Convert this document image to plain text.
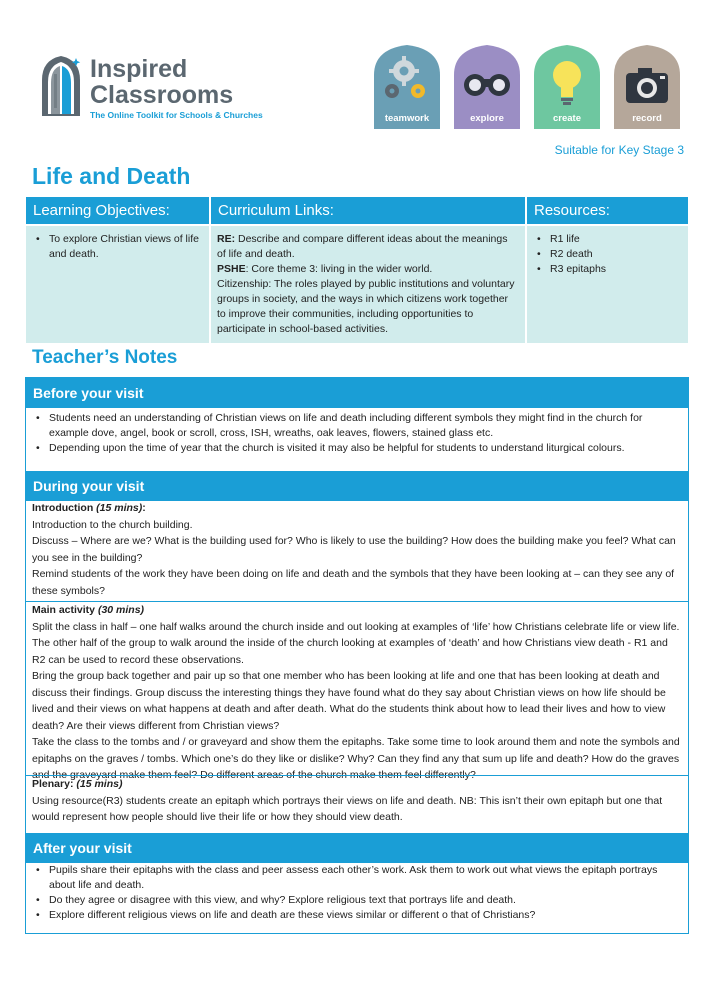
Inspired
Classrooms
The Online Toolkit for Schools & Churches	teamwork	explore	create	record
Suitable for Key Stage 3
Life and Death
Learning Objectives:
• To explore Christian views of life and death.
Curriculum Links:

RE: Describe and compare different ideas about the meanings of life and death.

PSHE: Core theme 3: living in the wider world.

Citizenship: The roles played by public institutions and voluntary groups in society, and the ways in which citizens work together to improve their communities, including opportunities to participate in school-based activities.

Resources:
• R1 life
• R2 death
• R3 epitaphs
Teacher’s Notes
Before your visit
• Students need an understanding of Christian views on life and death including different symbols they might find in the church for example dove, angel, book or scroll, cross, ISH, wreaths, oak leaves, flowers, stained glass etc.
• Depending upon the time of year that the church is visited it may also be helpful for students to understand liturgical colours.
During your visit

Introduction (15 mins):

Introduction to the church building.

Discuss – Where are we? What is the building used for? Who is likely to use the building? How does the building make you feel? What can you see in the building?

Remind students of the work they have been doing on life and death and the symbols that they have been looking at – can they see any of these symbols?

Main activity (30 mins)

Split the class in half – one half walks around the church inside and out looking at examples of ‘life’ how Christians celebrate life or view life. The other half of the group to walk around the inside of the church looking at examples of ‘death’ and how Christians view death - R1 and R2 can be used to record these observations.

Bring the group back together and pair up so that one member who has been looking at life and one that has been looking at death and discuss their findings. Group discuss the interesting things they have found what do they say about Christian views on how life should be lived and their views on what happens at death and after death. What do the students think about how to lead their lives and how to view death? Are their views different from Christian views?

Take the class to the tombs and / or graveyard and show them the epitaphs. Take some time to look around them and note the symbols and epitaphs on the graves / tombs. Which one’s do they like or dislike? Why? Can they find any that sum up life and death? How do the graves and the graveyard make them feel? Do different areas of the church make them feel differently?

Plenary: (15 mins)

Using resource(R3) students create an epitaph which portrays their views on life and death. NB: This isn’t their own epitaph but one that would represent how people should live their life or how they should view death.

After your visit
• Pupils share their epitaphs with the class and peer assess each other’s work. Ask them to work out what views the epitaph portrays about life and death.
• Do they agree or disagree with this view, and why? Explore religious text that portrays life and death.
• Explore different religious views on life and death are these views similar or different o that of Christians?
